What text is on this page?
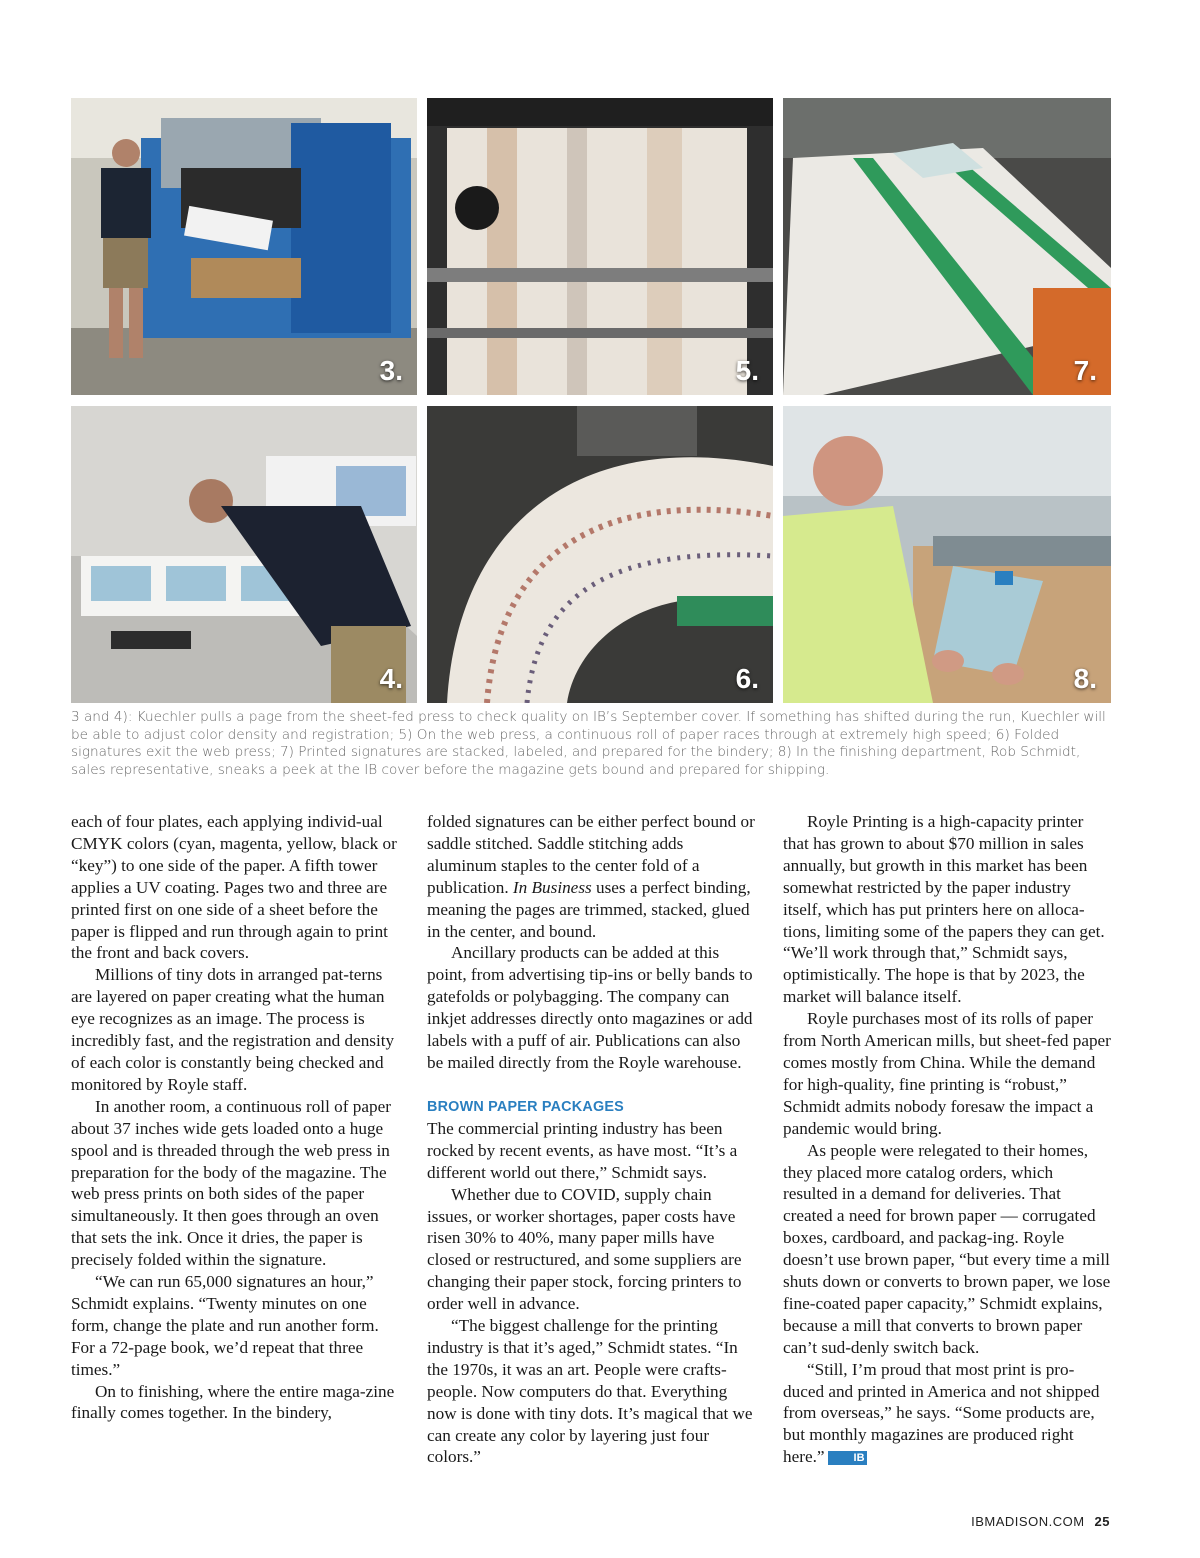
3.	5.	7.
4.	6.	8.
3 and 4): Kuechler pulls a page from the sheet-fed press to check quality on IB’s September cover. If something has shifted during the run, Kuechler will be able to adjust color density and registration; 5) On the web press, a continuous roll of paper races through at extremely high speed; 6) Folded signatures exit the web press; 7) Printed signatures are stacked, labeled, and prepared for the bindery; 8) In the finishing department, Rob Schmidt, sales representative, sneaks a peek at the IB cover before the magazine gets bound and prepared for shipping.

each of four plates, each applying individ-ual CMYK colors (cyan, magenta, yellow, black or “key”) to one side of the paper. A fifth tower applies a UV coating. Pages two and three are printed first on one side of a sheet before the paper is flipped and run through again to print the front and back covers.

Millions of tiny dots in arranged pat-terns are layered on paper creating what the human eye recognizes as an image. The process is incredibly fast, and the registration and density of each color is constantly being checked and monitored by Royle staff.

In another room, a continuous roll of paper about 37 inches wide gets loaded onto a huge spool and is threaded through the web press in preparation for the body of the magazine. The web press prints on both sides of the paper simultaneously. It then goes through an oven that sets the ink. Once it dries, the paper is precisely folded within the signature.

“We can run 65,000 signatures an hour,” Schmidt explains. “Twenty minutes on one form, change the plate and run another form. For a 72-page book, we’d repeat that three times.”

On to finishing, where the entire maga-zine finally comes together. In the bindery,

folded signatures can be either perfect bound or saddle stitched. Saddle stitching adds aluminum staples to the center fold of a publication. In Business uses a perfect binding, meaning the pages are trimmed, stacked, glued in the center, and bound.

Ancillary products can be added at this point, from advertising tip-ins or belly bands to gatefolds or polybagging. The company can inkjet addresses directly onto magazines or add labels with a puff of air. Publications can also be mailed directly from the Royle warehouse.

BROWN PAPER PACKAGES

The commercial printing industry has been rocked by recent events, as have most. “It’s a different world out there,” Schmidt says.

Whether due to COVID, supply chain issues, or worker shortages, paper costs have risen 30% to 40%, many paper mills have closed or restructured, and some suppliers are changing their paper stock, forcing printers to order well in advance.

“The biggest challenge for the printing industry is that it’s aged,” Schmidt states. “In the 1970s, it was an art. People were crafts-people. Now computers do that. Everything now is done with tiny dots. It’s magical that we can create any color by layering just four colors.”

Royle Printing is a high-capacity printer that has grown to about $70 million in sales annually, but growth in this market has been somewhat restricted by the paper industry itself, which has put printers here on alloca-tions, limiting some of the papers they can get. “We’ll work through that,” Schmidt says, optimistically. The hope is that by 2023, the market will balance itself.

Royle purchases most of its rolls of paper from North American mills, but sheet-fed paper comes mostly from China. While the demand for high-quality, fine printing is “robust,” Schmidt admits nobody foresaw the impact a pandemic would bring.

As people were relegated to their homes, they placed more catalog orders, which resulted in a demand for deliveries. That created a need for brown paper — corrugated boxes, cardboard, and packag-ing. Royle doesn’t use brown paper, “but every time a mill shuts down or converts to brown paper, we lose fine-coated paper capacity,” Schmidt explains, because a mill that converts to brown paper can’t sud-denly switch back.

“Still, I’m proud that most print is pro-duced and printed in America and not shipped from overseas,” he says. “Some products are, but monthly magazines are produced right here.”	IB

IBMADISON.COM 25
